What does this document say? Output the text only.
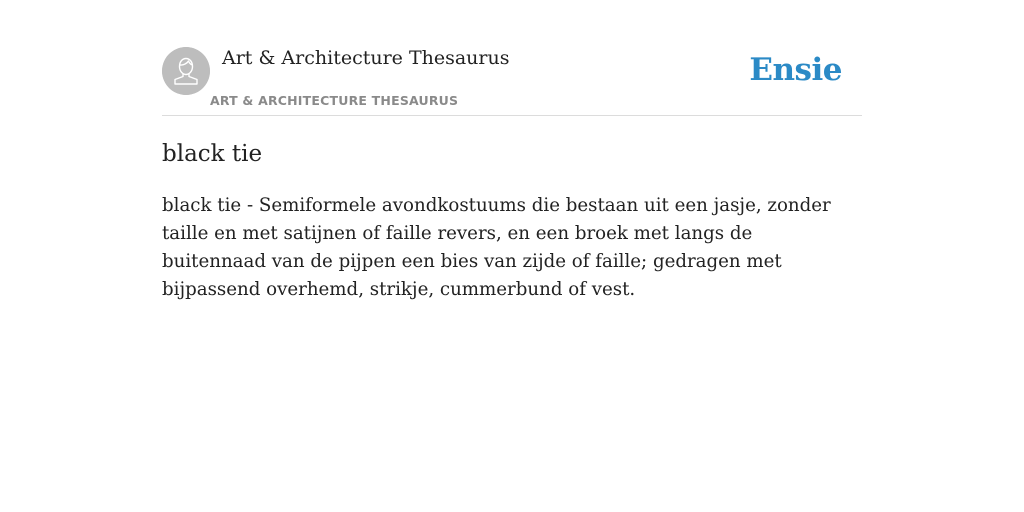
Art & Architecture Thesaurus
ART & ARCHITECTURE THESAURUS
Ensie
black tie

black tie - Semiformele avondkostuums die bestaan uit een jasje, zonder taille en met satijnen of faille revers, en een broek met langs de buitennaad van de pijpen een bies van zijde of faille; gedragen met bijpassend overhemd, strikje, cummerbund of vest.
